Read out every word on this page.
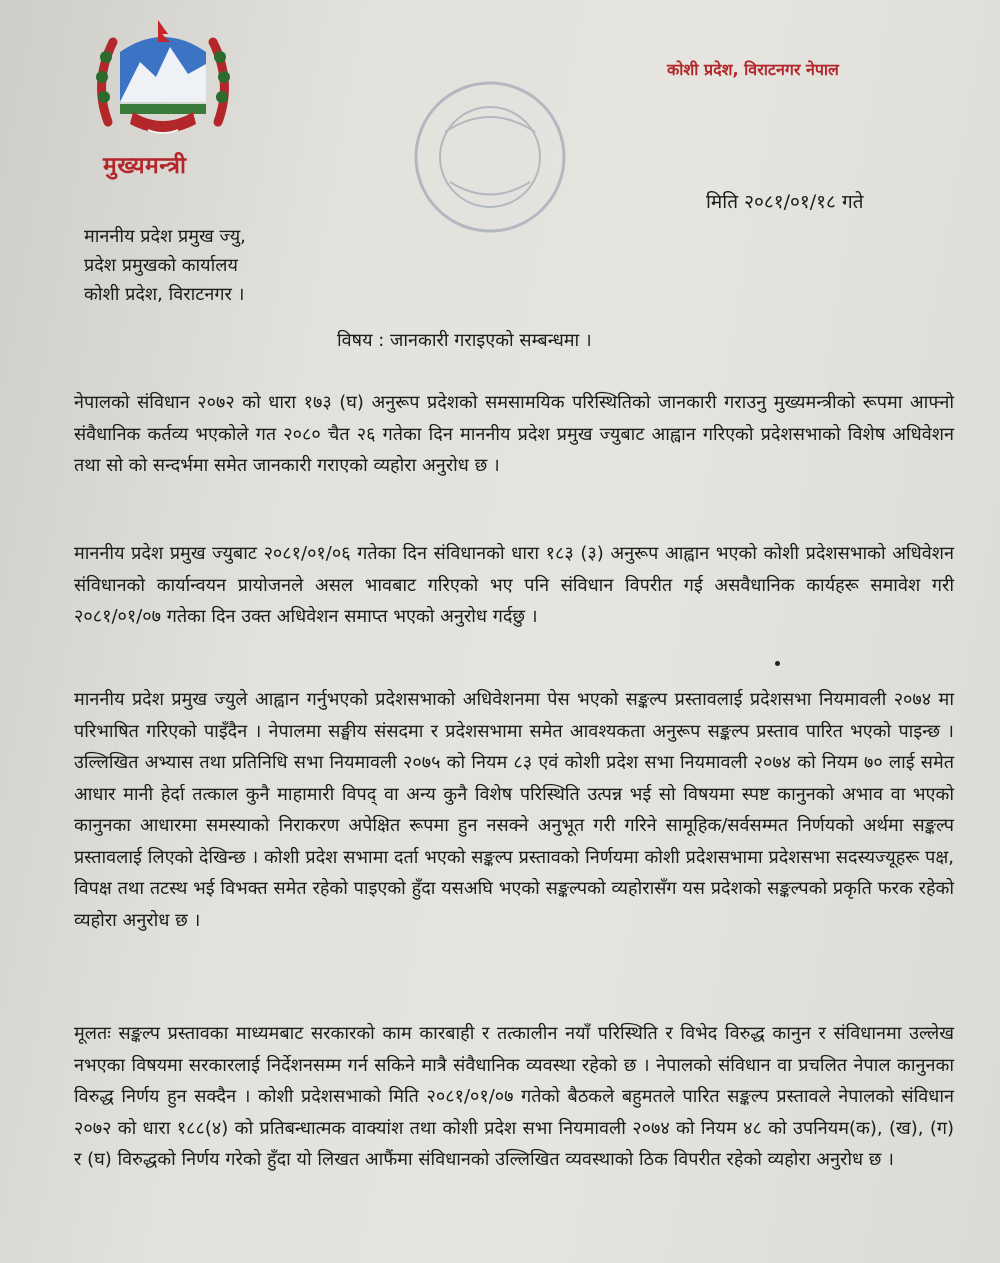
मुख्यमन्त्री
कोशी प्रदेश, विराटनगर नेपाल
मिति २०८१/०१/१८ गते
माननीय प्रदेश प्रमुख ज्यु,
प्रदेश प्रमुखको कार्यालय
कोशी प्रदेश, विराटनगर ।
विषय : जानकारी गराइएको सम्बन्धमा ।

नेपालको संविधान २०७२ को धारा १७३ (घ) अनुरूप प्रदेशको समसामयिक परिस्थितिको जानकारी गराउनु मुख्यमन्त्रीको रूपमा आफ्नो संवैधानिक कर्तव्य भएकोले गत २०८० चैत २६ गतेका दिन माननीय प्रदेश प्रमुख ज्युबाट आह्वान गरिएको प्रदेशसभाको विशेष अधिवेशन तथा सो को सन्दर्भमा समेत जानकारी गराएको व्यहोरा अनुरोध छ ।

माननीय प्रदेश प्रमुख ज्युबाट २०८१/०१/०६ गतेका दिन संविधानको धारा १८३ (३) अनुरूप आह्वान भएको कोशी प्रदेशसभाको अधिवेशन संविधानको कार्यान्वयन प्रायोजनले असल भावबाट गरिएको भए पनि संविधान विपरीत गई असवैधानिक कार्यहरू समावेश गरी २०८१/०१/०७ गतेका दिन उक्त अधिवेशन समाप्त भएको अनुरोध गर्दछु ।

माननीय प्रदेश प्रमुख ज्युले आह्वान गर्नुभएको प्रदेशसभाको अधिवेशनमा पेस भएको सङ्कल्प प्रस्तावलाई प्रदेशसभा नियमावली २०७४ मा परिभाषित गरिएको पाइँदैन । नेपालमा सङ्घीय संसदमा र प्रदेशसभामा समेत आवश्यकता अनुरूप सङ्कल्प प्रस्ताव पारित भएको पाइन्छ । उल्लिखित अभ्यास तथा प्रतिनिधि सभा नियमावली २०७५ को नियम ८३ एवं कोशी प्रदेश सभा नियमावली २०७४ को नियम ७० लाई समेत आधार मानी हेर्दा तत्काल कुनै माहामारी विपद् वा अन्य कुनै विशेष परिस्थिति उत्पन्न भई सो विषयमा स्पष्ट कानुनको अभाव वा भएको कानुनका आधारमा समस्याको निराकरण अपेक्षित रूपमा हुन नसक्ने अनुभूत गरी गरिने सामूहिक/सर्वसम्मत निर्णयको अर्थमा सङ्कल्प प्रस्तावलाई लिएको देखिन्छ । कोशी प्रदेश सभामा दर्ता भएको सङ्कल्प प्रस्तावको निर्णयमा कोशी प्रदेशसभामा प्रदेशसभा सदस्यज्यूहरू पक्ष, विपक्ष तथा तटस्थ भई विभक्त समेत रहेको पाइएको हुँदा यसअघि भएको सङ्कल्पको व्यहोरासँग यस प्रदेशको सङ्कल्पको प्रकृति फरक रहेको व्यहोरा अनुरोध छ ।

मूलतः सङ्कल्प प्रस्तावका माध्यमबाट सरकारको काम कारबाही र तत्कालीन नयाँ परिस्थिति र विभेद विरुद्ध कानुन र संविधानमा उल्लेख नभएका विषयमा सरकारलाई निर्देशनसम्म गर्न सकिने मात्रै संवैधानिक व्यवस्था रहेको छ । नेपालको संविधान वा प्रचलित नेपाल कानुनका विरुद्ध निर्णय हुन सक्दैन । कोशी प्रदेशसभाको मिति २०८१/०१/०७ गतेको बैठकले बहुमतले पारित सङ्कल्प प्रस्तावले नेपालको संविधान २०७२ को धारा १८८(४) को प्रतिबन्धात्मक वाक्यांश तथा कोशी प्रदेश सभा नियमावली २०७४ को नियम ४८ को उपनियम(क), (ख), (ग) र (घ) विरुद्धको निर्णय गरेको हुँदा यो लिखत आफैंमा संविधानको उल्लिखित व्यवस्थाको ठिक विपरीत रहेको व्यहोरा अनुरोध छ ।
